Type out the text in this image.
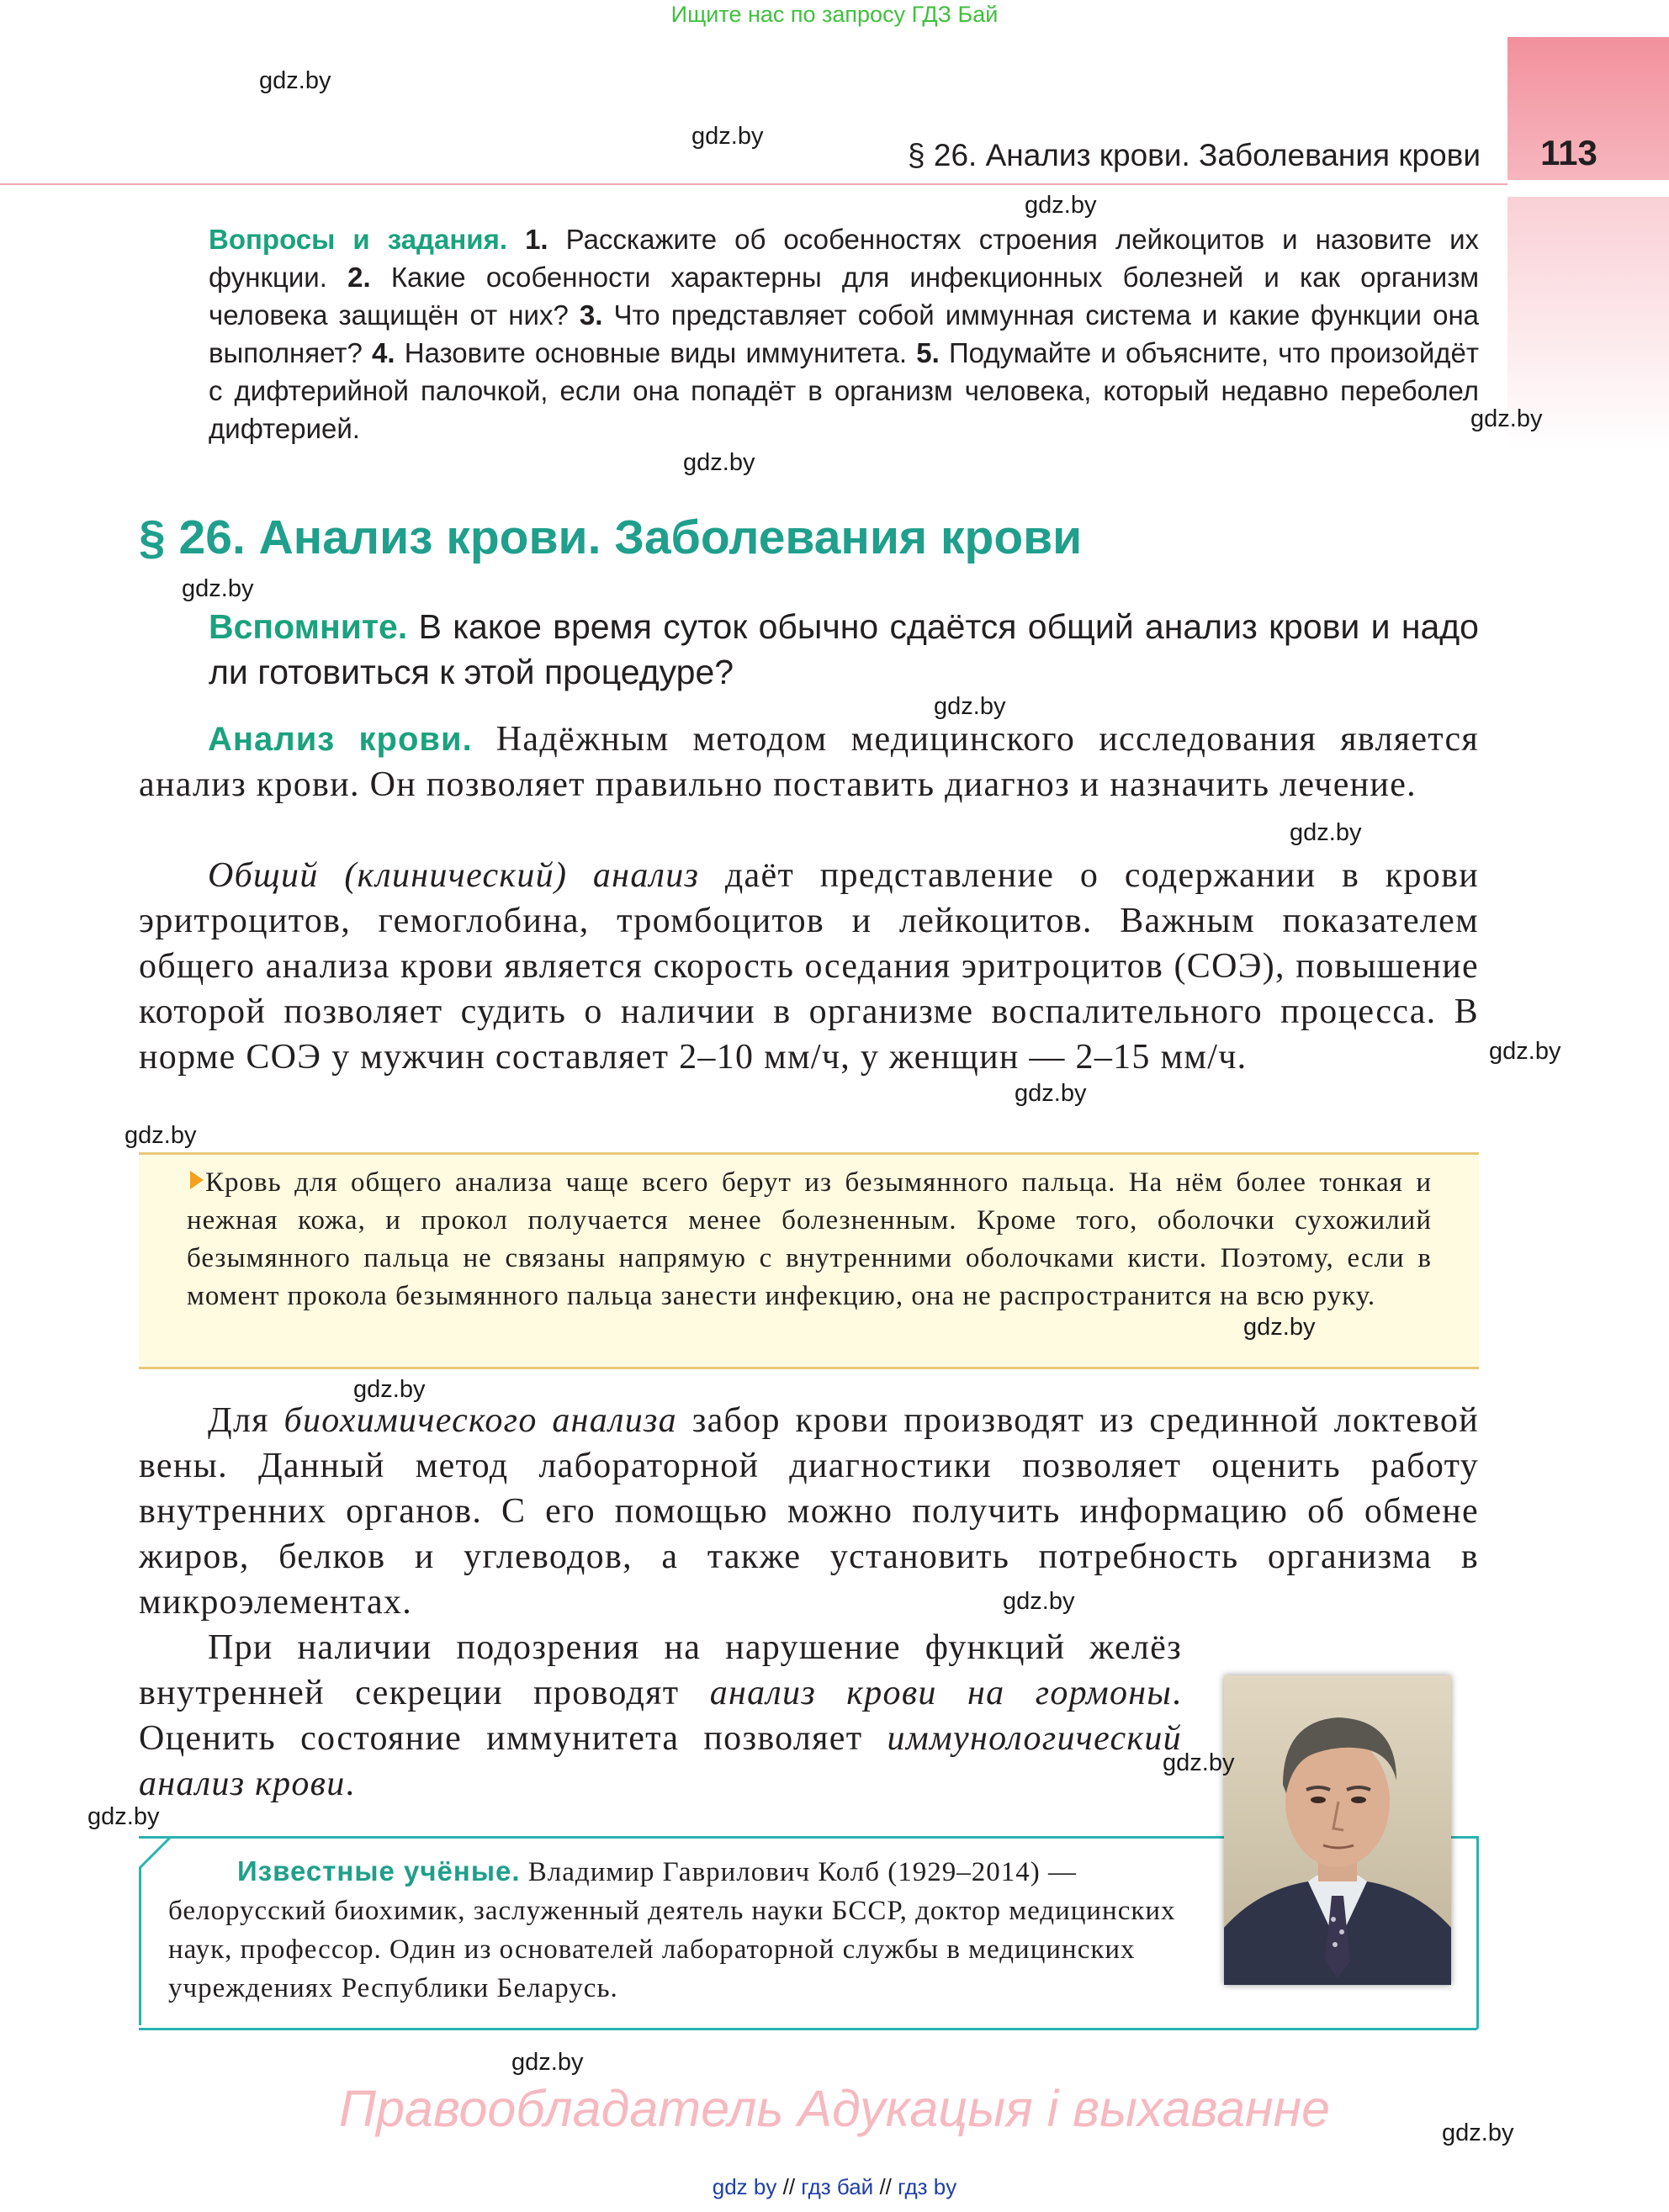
Ищите нас по запросу ГДЗ Бай
§ 26. Анализ крови. Заболевания крови	113
Вопросы и задания. 1. Расскажите об особенностях строения лейкоцитов и назовите их функции. 2. Какие особенности характерны для инфекционных болезней и как организм человека защищён от них? 3. Что представляет собой иммунная система и какие функции она выполняет? 4. Назовите основные виды иммунитета. 5. Подумайте и объясните, что произойдёт с дифтерийной палочкой, если она попадёт в организм человека, который недавно переболел дифтерией.
§ 26. Анализ крови. Заболевания крови
Вспомните. В какое время суток обычно сдаётся общий анализ крови и надо ли готовиться к этой процедуре?
Анализ крови. Надёжным методом медицинского исследования является анализ крови. Он позволяет правильно поставить диагноз и назначить лечение.
Общий (клинический) анализ даёт представление о содержании в крови эритроцитов, гемоглобина, тромбоцитов и лейкоцитов. Важным показателем общего анализа крови является скорость оседания эритроцитов (СОЭ), повышение которой позволяет судить о наличии в организме воспалительного процесса. В норме СОЭ у мужчин составляет 2–10 мм/ч, у женщин — 2–15 мм/ч.
Кровь для общего анализа чаще всего берут из безымянного пальца. На нём более тонкая и нежная кожа, и прокол получается менее болезненным. Кроме того, оболочки сухожилий безымянного пальца не связаны напрямую с внутренними оболочками кисти. Поэтому, если в момент прокола безымянного пальца занести инфекцию, она не распространится на всю руку.
Для биохимического анализа забор крови производят из срединной локтевой вены. Данный метод лабораторной диагностики позволяет оценить работу внутренних органов. С его помощью можно получить информацию об обмене жиров, белков и углеводов, а также установить потребность организма в микроэлементах.
При наличии подозрения на нарушение функций желёз внутренней секреции проводят анализ крови на гормоны. Оценить состояние иммунитета позволяет иммунологический анализ крови.
Известные учёные. Владимир Гаврилович Колб (1929–2014) — белорусский биохимик, заслуженный деятель науки БССР, доктор медицинских наук, профессор. Один из основателей лабораторной службы в медицинских учреждениях Республики Беларусь.
gdz.by
gdz.by
gdz.by
gdz.by
gdz.by
gdz.by
gdz.by
gdz.by
gdz.by
gdz.by
gdz.by
gdz.by
gdz.by
gdz.by
gdz.by
gdz.by
gdz.by
gdz.by
Правообладатель Адукацыя і выхаванне
gdz by // гдз бай // гдз by
